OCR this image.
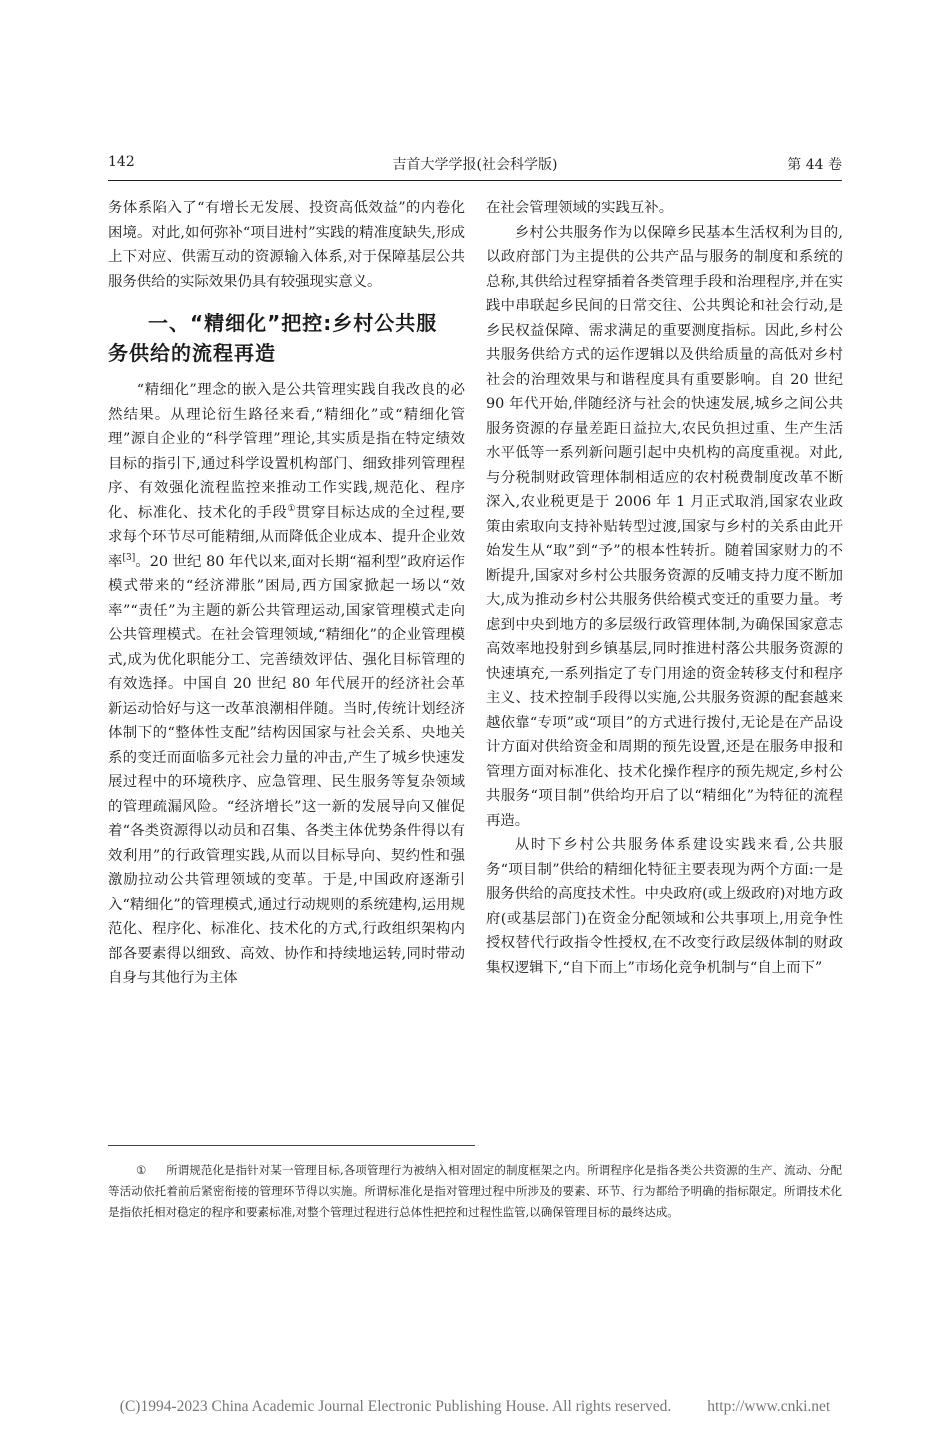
142	吉首大学学报(社会科学版)	第 44 卷

务体系陷入了“有增长无发展、投资高低效益”的内卷化困境。对此,如何弥补“项目进村”实践的精准度缺失,形成上下对应、供需互动的资源输入体系,对于保障基层公共服务供给的实际效果仍具有较强现实意义。

一、“精细化”把控:乡村公共服
务供给的流程再造

“精细化”理念的嵌入是公共管理实践自我改良的必然结果。从理论衍生路径来看,“精细化”或“精细化管理”源自企业的“科学管理”理论,其实质是指在特定绩效目标的指引下,通过科学设置机构部门、细致排列管理程序、有效强化流程监控来推动工作实践,规范化、程序化、标准化、技术化的手段①贯穿目标达成的全过程,要求每个环节尽可能精细,从而降低企业成本、提升企业效率[3]。20 世纪 80 年代以来,面对长期“福利型”政府运作模式带来的“经济滞胀”困局,西方国家掀起一场以“效率”“责任”为主题的新公共管理运动,国家管理模式走向公共管理模式。在社会管理领域,“精细化”的企业管理模式,成为优化职能分工、完善绩效评估、强化目标管理的有效选择。中国自 20 世纪 80 年代展开的经济社会革新运动恰好与这一改革浪潮相伴随。当时,传统计划经济体制下的“整体性支配”结构因国家与社会关系、央地关系的变迁而面临多元社会力量的冲击,产生了城乡快速发展过程中的环境秩序、应急管理、民生服务等复杂领域的管理疏漏风险。“经济增长”这一新的发展导向又催促着“各类资源得以动员和召集、各类主体优势条件得以有效利用”的行政管理实践,从而以目标导向、契约性和强激励拉动公共管理领域的变革。于是,中国政府逐渐引入“精细化”的管理模式,通过行动规则的系统建构,运用规范化、程序化、标准化、技术化的方式,行政组织架构内部各要素得以细致、高效、协作和持续地运转,同时带动自身与其他行为主体

在社会管理领域的实践互补。

乡村公共服务作为以保障乡民基本生活权利为目的,以政府部门为主提供的公共产品与服务的制度和系统的总称,其供给过程穿插着各类管理手段和治理程序,并在实践中串联起乡民间的日常交往、公共舆论和社会行动,是乡民权益保障、需求满足的重要测度指标。因此,乡村公共服务供给方式的运作逻辑以及供给质量的高低对乡村社会的治理效果与和谐程度具有重要影响。自 20 世纪 90 年代开始,伴随经济与社会的快速发展,城乡之间公共服务资源的存量差距日益拉大,农民负担过重、生产生活水平低等一系列新问题引起中央机构的高度重视。对此,与分税制财政管理体制相适应的农村税费制度改革不断深入,农业税更是于 2006 年 1 月正式取消,国家农业政策由索取向支持补贴转型过渡,国家与乡村的关系由此开始发生从“取”到“予”的根本性转折。随着国家财力的不断提升,国家对乡村公共服务资源的反哺支持力度不断加大,成为推动乡村公共服务供给模式变迁的重要力量。考虑到中央到地方的多层级行政管理体制,为确保国家意志高效率地投射到乡镇基层,同时推进村落公共服务资源的快速填充,一系列指定了专门用途的资金转移支付和程序主义、技术控制手段得以实施,公共服务资源的配套越来越依靠“专项”或“项目”的方式进行拨付,无论是在产品设计方面对供给资金和周期的预先设置,还是在服务申报和管理方面对标准化、技术化操作程序的预先规定,乡村公共服务“项目制”供给均开启了以“精细化”为特征的流程再造。

从时下乡村公共服务体系建设实践来看,公共服务“项目制”供给的精细化特征主要表现为两个方面:一是服务供给的高度技术性。中央政府(或上级政府)对地方政府(或基层部门)在资金分配领域和公共事项上,用竞争性授权替代行政指令性授权,在不改变行政层级体制的财政集权逻辑下,“自下而上”市场化竞争机制与“自上而下”

① 所谓规范化是指针对某一管理目标,各项管理行为被纳入相对固定的制度框架之内。所谓程序化是指各类公共资源的生产、流动、分配等活动依托着前后紧密衔接的管理环节得以实施。所谓标准化是指对管理过程中所涉及的要素、环节、行为都给予明确的指标限定。所谓技术化是指依托相对稳定的程序和要素标准,对整个管理过程进行总体性把控和过程性监管,以确保管理目标的最终达成。
(C)1994-2023 China Academic Journal Electronic Publishing House. All rights reserved. http://www.cnki.net
